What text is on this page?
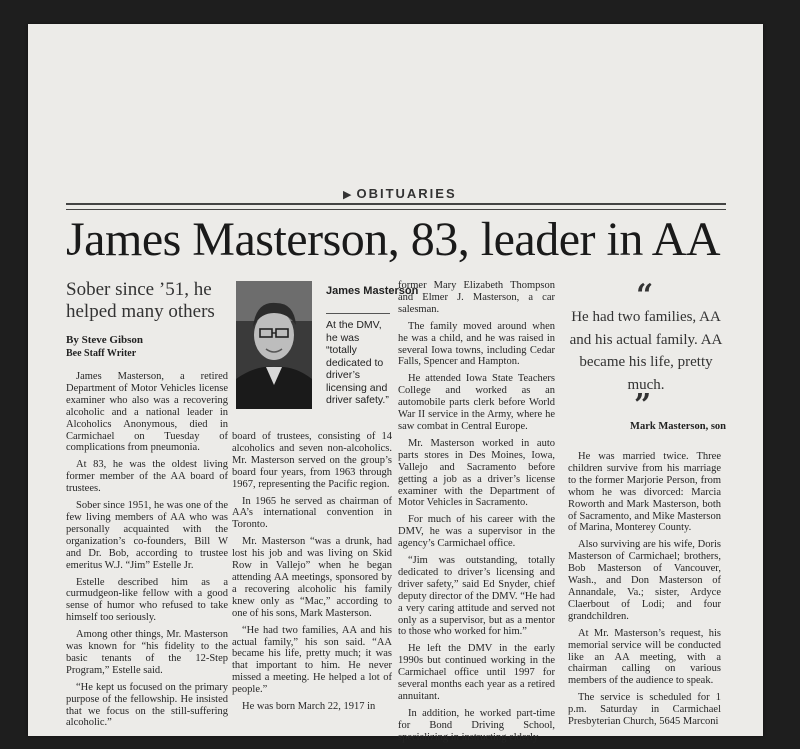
▶ OBITUARIES
James Masterson, 83, leader in AA
Sober since ’51, he helped many others
By Steve Gibson
Bee Staff Writer

James Masterson, a retired Department of Motor Vehicles license examiner who also was a recovering alcoholic and a national leader in Alcoholics Anonymous, died in Carmichael on Tuesday of complications from pneumonia.

At 83, he was the oldest living former member of the AA board of trustees.

Sober since 1951, he was one of the few living members of AA who was personally acquainted with the organization’s co-founders, Bill W and Dr. Bob, according to trustee emeritus W.J. “Jim” Estelle Jr.

Estelle described him as a curmudgeon-like fellow with a good sense of humor who refused to take himself too seriously.

Among other things, Mr. Masterson was known for “his fidelity to the basic tenants of the 12-Step Program,” Estelle said.

“He kept us focused on the primary purpose of the fellowship. He insisted that we focus on the still-suffering alcoholic.”

James Masterson
At the DMV, he was “totally dedicated to driver’s licensing and driver safety.”

board of trustees, consisting of 14 alcoholics and seven non-alcoholics. Mr. Masterson served on the group’s board four years, from 1963 through 1967, representing the Pacific region.

In 1965 he served as chairman of AA’s international convention in Toronto.

Mr. Masterson “was a drunk, had lost his job and was living on Skid Row in Vallejo” when he began attending AA meetings, sponsored by a recovering alcoholic his family knew only as “Mac,” according to one of his sons, Mark Masterson.

“He had two families, AA and his actual family,” his son said. “AA became his life, pretty much; it was that important to him. He never missed a meeting. He helped a lot of people.”

He was born March 22, 1917 in

former Mary Elizabeth Thompson and Elmer J. Masterson, a car salesman.

The family moved around when he was a child, and he was raised in several Iowa towns, including Cedar Falls, Spencer and Hampton.

He attended Iowa State Teachers College and worked as an automobile parts clerk before World War II service in the Army, where he saw combat in Central Europe.

Mr. Masterson worked in auto parts stores in Des Moines, Iowa, Vallejo and Sacramento before getting a job as a driver’s license examiner with the Department of Motor Vehicles in Sacramento.

For much of his career with the DMV, he was a supervisor in the agency’s Carmichael office.

“Jim was outstanding, totally dedicated to driver’s licensing and driver safety,” said Ed Snyder, chief deputy director of the DMV. “He had a very caring attitude and served not only as a supervisor, but as a mentor to those who worked for him.”

He left the DMV in the early 1990s but continued working in the Carmichael office until 1997 for several months each year as a retired annuitant.

In addition, he worked part-time for Bond Driving School, specializing in instructing elderly

“
He had two families, AA and his actual family. AA became his life, pretty much.
”
Mark Masterson, son

He was married twice. Three children survive from his marriage to the former Marjorie Person, from whom he was divorced: Marcia Roworth and Mark Masterson, both of Sacramento, and Mike Masterson of Marina, Monterey County.

Also surviving are his wife, Doris Masterson of Carmichael; brothers, Bob Masterson of Vancouver, Wash., and Don Masterson of Annandale, Va.; sister, Ardyce Claerbout of Lodi; and four grandchildren.

At Mr. Masterson’s request, his memorial service will be conducted like an AA meeting, with a chairman calling on various members of the audience to speak.

The service is scheduled for 1 p.m. Saturday in Carmichael Presbyterian Church, 5645 Marconi
